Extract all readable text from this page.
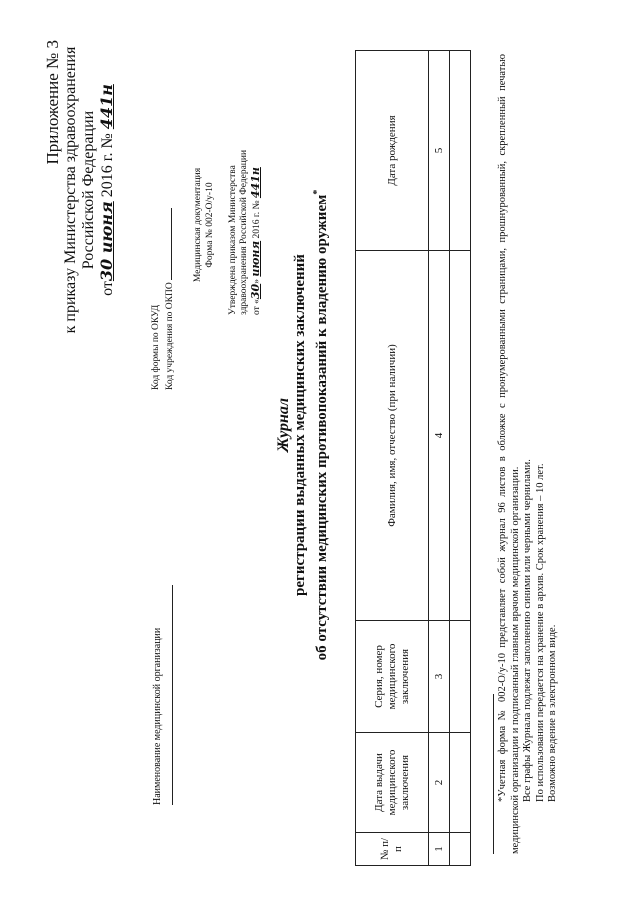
Приложение № 3 к приказу Министерства здравоохранения Российской Федерации
от30 июня 2016 г. № 441н
Код формы по ОКУД Код учреждения по ОКПО
Медицинская документация Форма № 002-О/у-10 Утверждена приказом Министерства здравоохранения Российской Федерации от «30» июня 2016 г. № 441н
Наименование медицинской организации
Журнал регистрации выданных медицинских заключений об отсутствии медицинских противопоказаний к владению оружием*
№ п/п	Дата выдачи медицинского заключения	Серия, номер медицинского заключения	Фамилия, имя, отчество (при наличии)	Дата рождения
1	2	3	4	5
					*Учетная форма № 002-О/у-10 представляет собой журнал 96 листов в обложке с пронумерованными страницами, прошнурованный, скрепленный печатью медицинской организации и подписанный главным врачом медицинской организации. Все графы Журнала подлежат заполнению синими или черными чернилами. По использовании передается на хранение в архив. Срок хранения – 10 лет. Возможно ведение в электронном виде.
